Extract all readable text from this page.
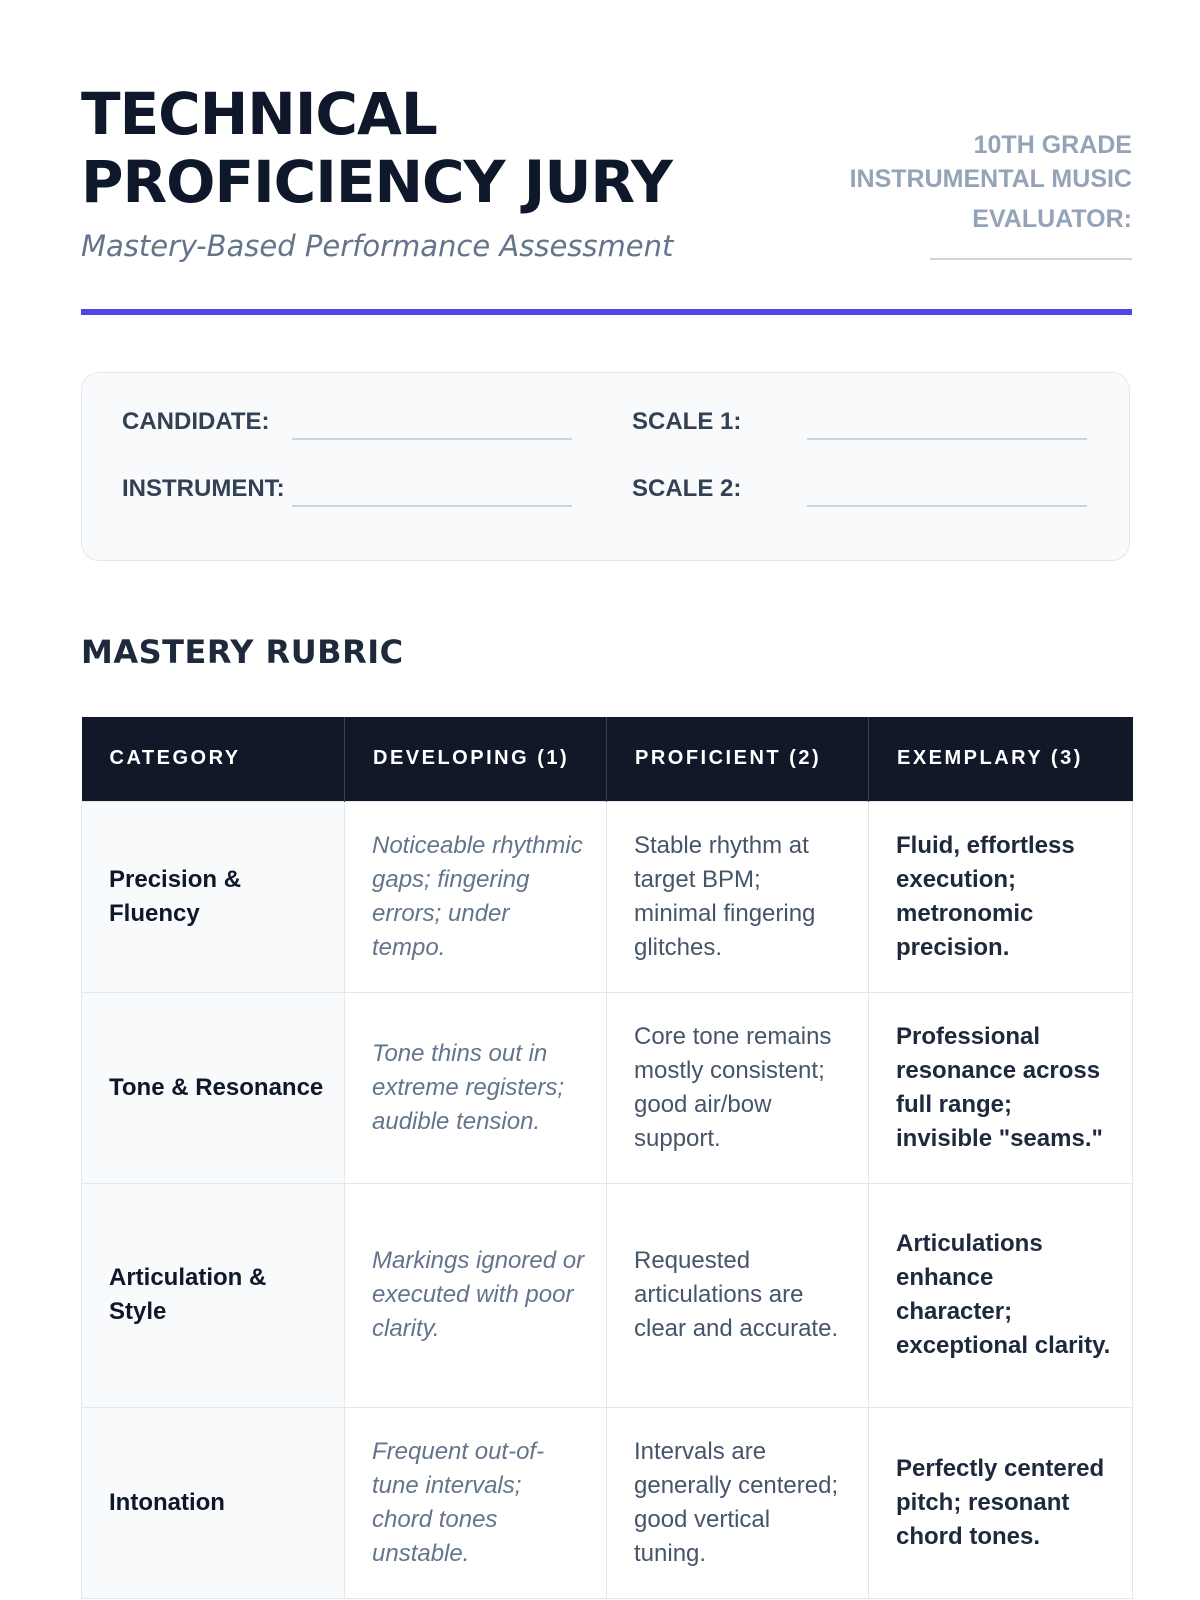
TECHNICAL
PROFICIENCY JURY
Mastery-Based Performance Assessment
10TH GRADE
INSTRUMENTAL MUSIC
EVALUATOR:
CANDIDATE:
INSTRUMENT:
SCALE 1:
SCALE 2:
MASTERY RUBRIC
CATEGORY	DEVELOPING (1)	PROFICIENT (2)	EXEMPLARY (3)
Precision & Fluency	Noticeable rhythmic gaps; fingering errors; under tempo.	Stable rhythm at target BPM; minimal fingering glitches.	Fluid, effortless execution; metronomic precision.
Tone & Resonance	Tone thins out in extreme registers; audible tension.	Core tone remains mostly consistent; good air/bow support.	Professional resonance across full range; invisible "seams."
Articulation & Style	Markings ignored or executed with poor clarity.	Requested articulations are clear and accurate.	Articulations enhance character; exceptional clarity.
Intonation	Frequent out-of-tune intervals; chord tones unstable.	Intervals are generally centered; good vertical tuning.	Perfectly centered pitch; resonant chord tones.
